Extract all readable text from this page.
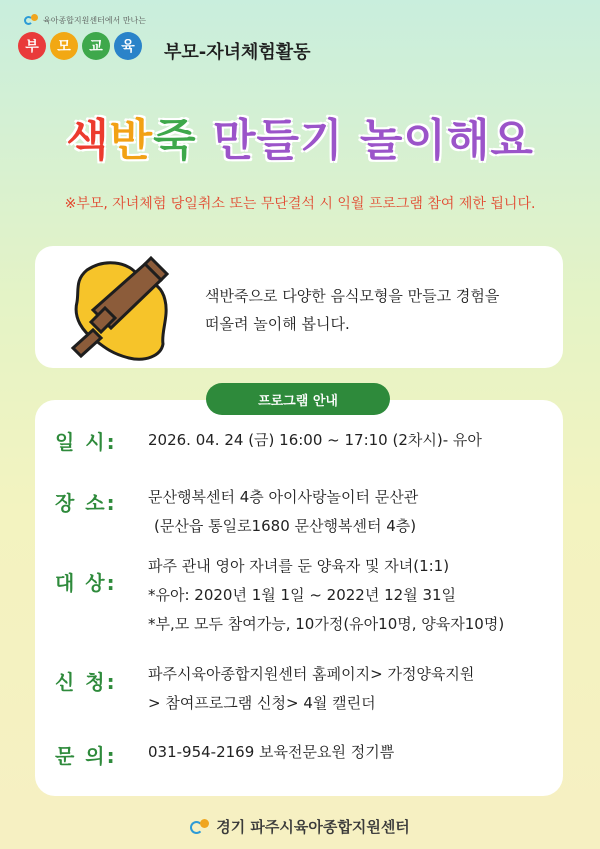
육아종합지원센터에서 만나는
부	모	교	육	부모-자녀체험활동
색반죽 만들기 놀이해요
※부모, 자녀체험 당일취소 또는 무단결석 시 익월 프로그램 참여 제한 됩니다.
색반죽으로 다양한 음식모형을 만들고 경험을
떠올려 놀이해 봅니다.
일 시: 2026. 04. 24 (금) 16:00 ~ 17:10 (2차시)- 유아
장 소: 문산행복센터 4층 아이사랑놀이터 문산관
(문산읍 통일로1680 문산행복센터 4층)
대 상:
파주 관내 영아 자녀를 둔 양육자 및 자녀(1:1)
*유아: 2020년 1월 1일 ~ 2022년 12월 31일
*부,모 모두 참여가능, 10가정(유아10명, 양육자10명)
신 청: 파주시육아종합지원센터 홈페이지> 가정양육지원
> 참여프로그램 신청> 4월 캘린더
문 의: 031-954-2169 보육전문요원 정기쁨
프로그램 안내
경기 파주시육아종합지원센터
